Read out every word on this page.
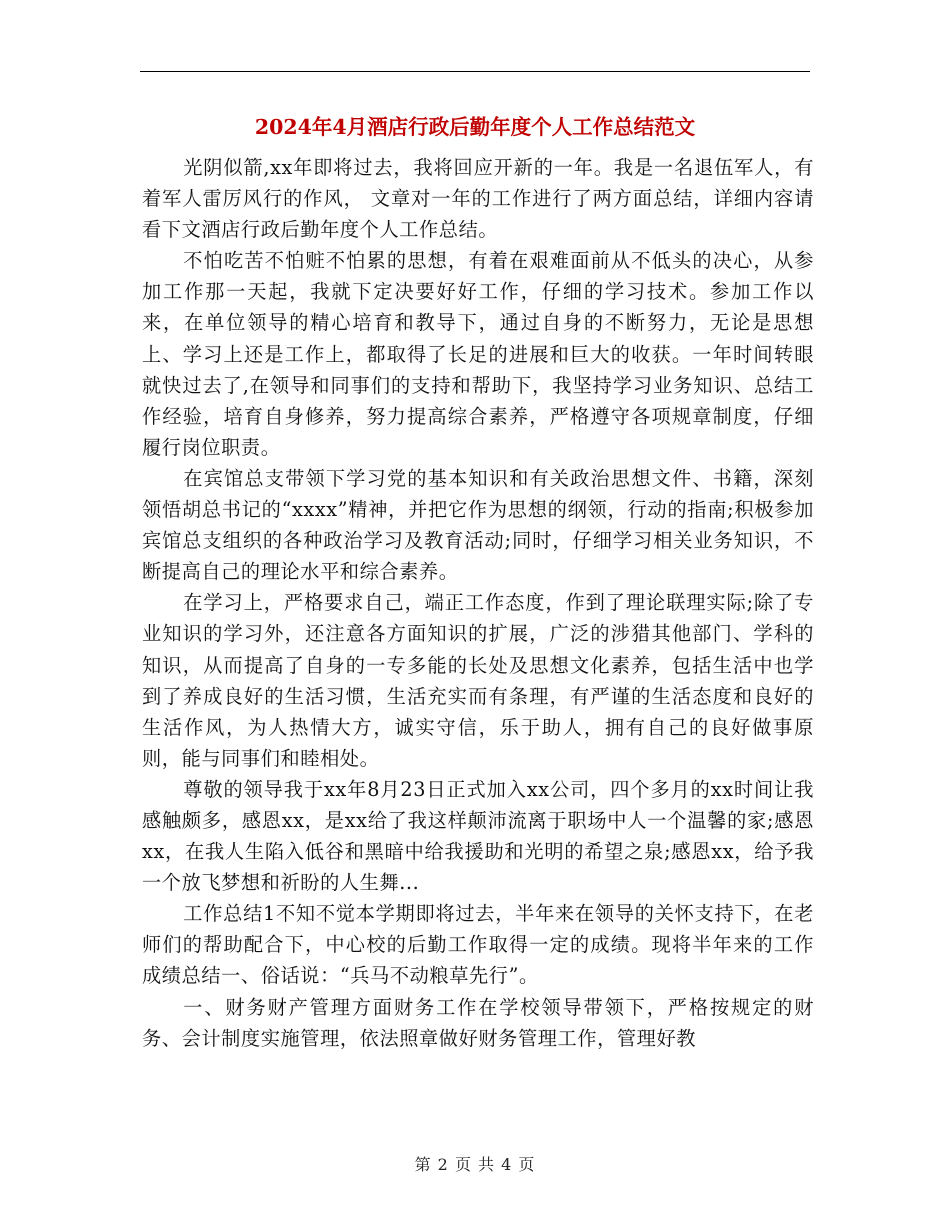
2024年4月酒店行政后勤年度个人工作总结范文

光阴似箭,xx年即将过去，我将回应开新的一年。我是一名退伍军人，有着军人雷厉风行的作风， 文章对一年的工作进行了两方面总结，详细内容请看下文酒店行政后勤年度个人工作总结。

不怕吃苦不怕赃不怕累的思想，有着在艰难面前从不低头的决心，从参加工作那一天起，我就下定决要好好工作，仔细的学习技术。参加工作以来，在单位领导的精心培育和教导下，通过自身的不断努力，无论是思想上、学习上还是工作上，都取得了长足的进展和巨大的收获。一年时间转眼就快过去了,在领导和同事们的支持和帮助下，我坚持学习业务知识、总结工作经验，培育自身修养，努力提高综合素养，严格遵守各项规章制度，仔细履行岗位职责。

在宾馆总支带领下学习党的基本知识和有关政治思想文件、书籍，深刻领悟胡总书记的“xxxx”精神，并把它作为思想的纲领，行动的指南;积极参加宾馆总支组织的各种政治学习及教育活动;同时，仔细学习相关业务知识，不断提高自己的理论水平和综合素养。

在学习上，严格要求自己，端正工作态度，作到了理论联理实际;除了专业知识的学习外，还注意各方面知识的扩展，广泛的涉猎其他部门、学科的知识，从而提高了自身的一专多能的长处及思想文化素养，包括生活中也学到了养成良好的生活习惯，生活充实而有条理，有严谨的生活态度和良好的生活作风，为人热情大方，诚实守信，乐于助人，拥有自己的良好做事原则，能与同事们和睦相处。

尊敬的领导我于xx年8月23日正式加入xx公司，四个多月的xx时间让我感触颇多，感恩xx，是xx给了我这样颠沛流离于职场中人一个温馨的家;感恩xx，在我人生陷入低谷和黑暗中给我援助和光明的希望之泉;感恩xx，给予我一个放飞梦想和祈盼的人生舞...

工作总结1不知不觉本学期即将过去，半年来在领导的关怀支持下，在老师们的帮助配合下，中心校的后勤工作取得一定的成绩。现将半年来的工作成绩总结一、俗话说：“兵马不动粮草先行”。

一、财务财产管理方面财务工作在学校领导带领下，严格按规定的财务、会计制度实施管理，依法照章做好财务管理工作，管理好教

第 2 页 共 4 页
